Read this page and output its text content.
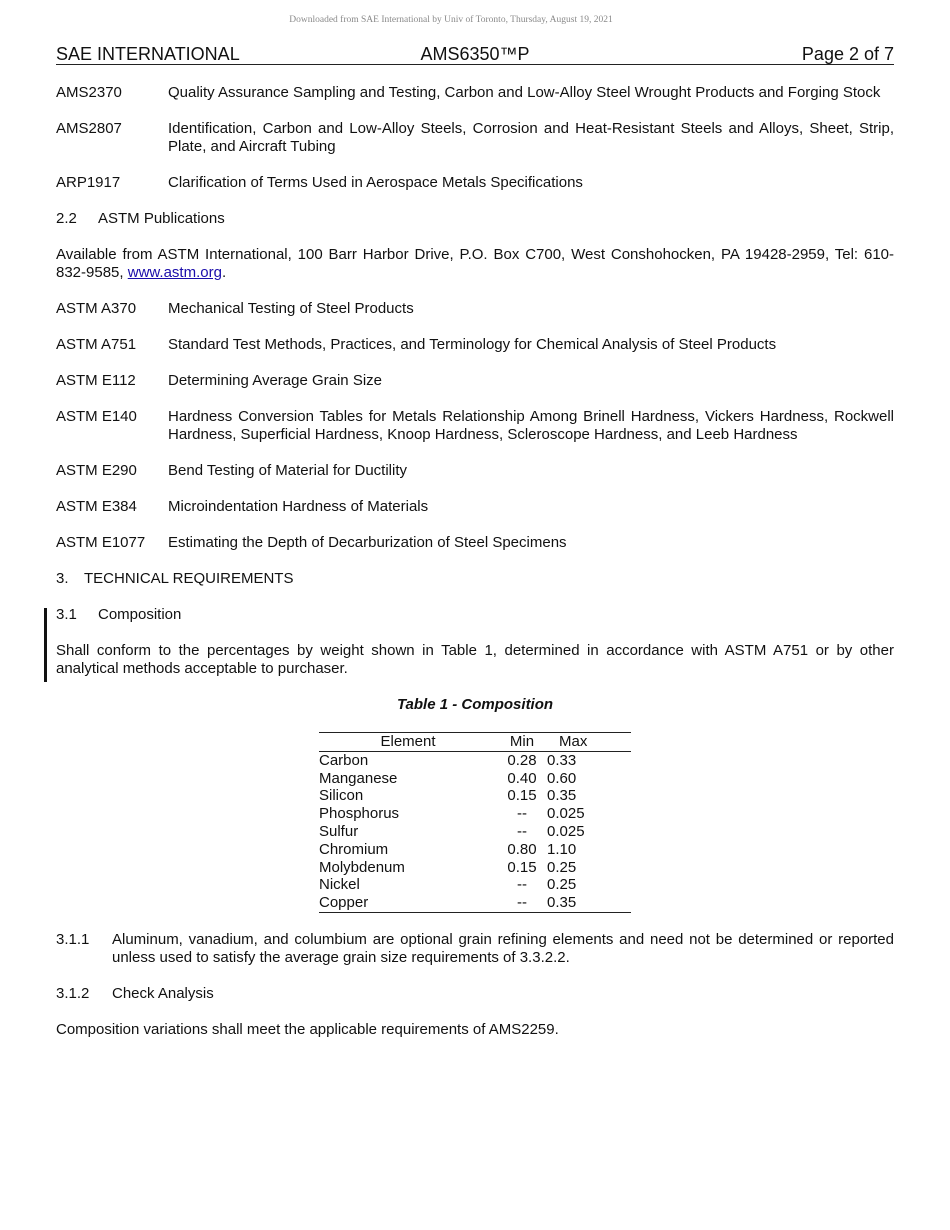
Downloaded from SAE International by Univ of Toronto, Thursday, August 19, 2021
SAE INTERNATIONAL	AMS6350™P	Page 2 of 7
AMS2370	Quality Assurance Sampling and Testing, Carbon and Low-Alloy Steel Wrought Products and Forging Stock
AMS2807	Identification, Carbon and Low-Alloy Steels, Corrosion and Heat-Resistant Steels and Alloys, Sheet, Strip, Plate, and Aircraft Tubing
ARP1917	Clarification of Terms Used in Aerospace Metals Specifications
2.2 ASTM Publications

Available from ASTM International, 100 Barr Harbor Drive, P.O. Box C700, West Conshohocken, PA 19428-2959, Tel: 610-832-9585, www.astm.org.

ASTM A370	Mechanical Testing of Steel Products
ASTM A751	Standard Test Methods, Practices, and Terminology for Chemical Analysis of Steel Products
ASTM E112	Determining Average Grain Size
ASTM E140	Hardness Conversion Tables for Metals Relationship Among Brinell Hardness, Vickers Hardness, Rockwell Hardness, Superficial Hardness, Knoop Hardness, Scleroscope Hardness, and Leeb Hardness
ASTM E290	Bend Testing of Material for Ductility
ASTM E384	Microindentation Hardness of Materials
ASTM E1077	Estimating the Depth of Decarburization of Steel Specimens
3. TECHNICAL REQUIREMENTS
3.1 Composition

Shall conform to the percentages by weight shown in Table 1, determined in accordance with ASTM A751 or by other analytical methods acceptable to purchaser.

Table 1 - Composition
Element	Min	Max
Carbon	0.28	0.33
Manganese	0.40	0.60
Silicon	0.15	0.35
Phosphorus	--	0.025
Sulfur	--	0.025
Chromium	0.80	1.10
Molybdenum	0.15	0.25
Nickel	--	0.25
Copper	--	0.35
3.1.1	Aluminum, vanadium, and columbium are optional grain refining elements and need not be determined or reported unless used to satisfy the average grain size requirements of 3.3.2.2.
3.1.2 Check Analysis

Composition variations shall meet the applicable requirements of AMS2259.
